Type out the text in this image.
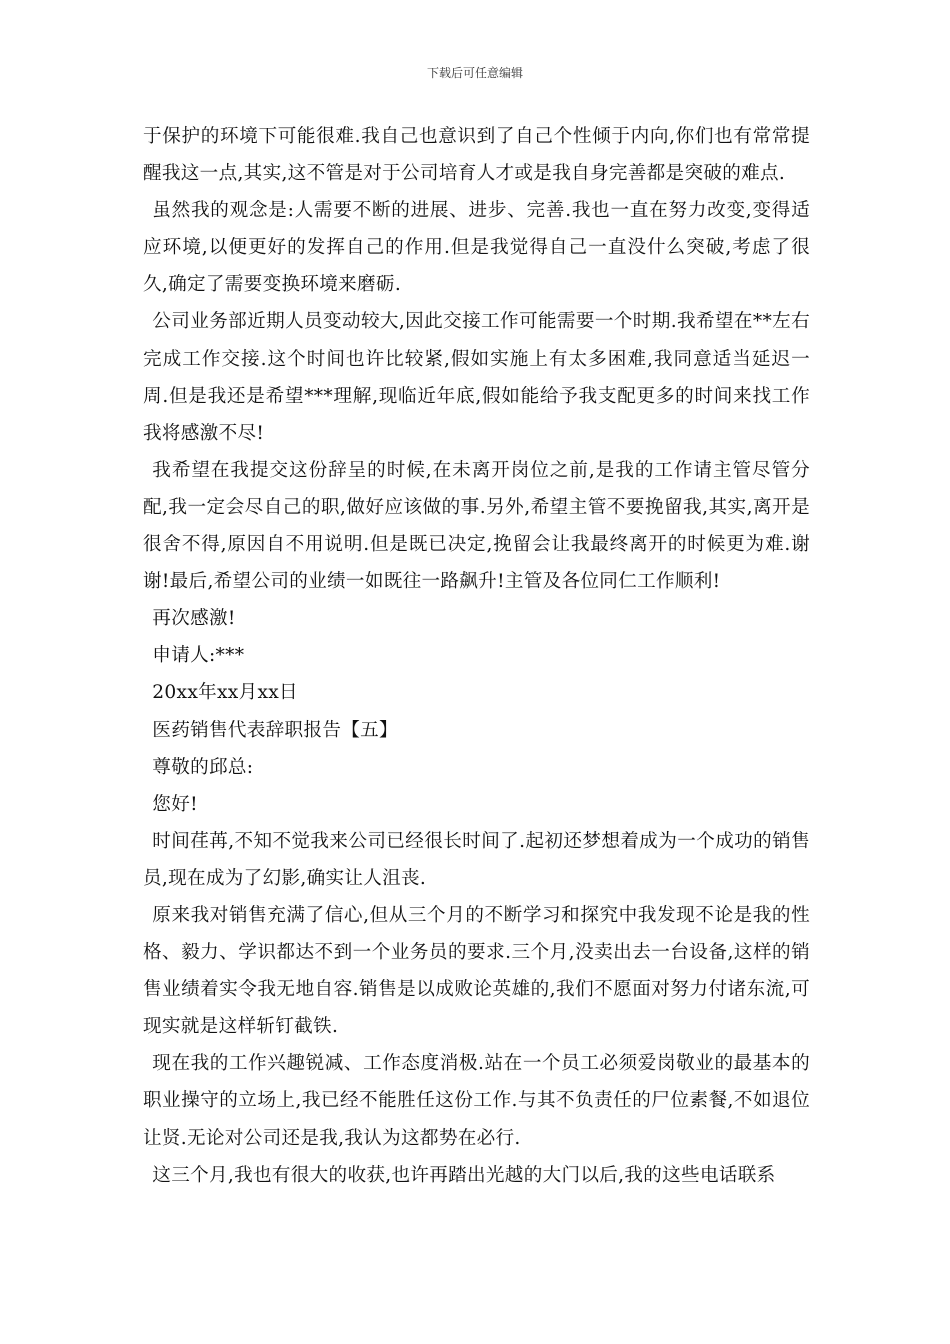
下载后可任意编辑

于保护的环境下可能很难.我自己也意识到了自己个性倾于内向,你们也有常常提醒我这一点,其实,这不管是对于公司培育人才或是我自身完善都是突破的难点.

虽然我的观念是:人需要不断的进展、进步、完善.我也一直在努力改变,变得适应环境,以便更好的发挥自己的作用.但是我觉得自己一直没什么突破,考虑了很久,确定了需要变换环境来磨砺.

公司业务部近期人员变动较大,因此交接工作可能需要一个时期.我希望在**左右完成工作交接.这个时间也许比较紧,假如实施上有太多困难,我同意适当延迟一周.但是我还是希望***理解,现临近年底,假如能给予我支配更多的时间来找工作我将感激不尽!

我希望在我提交这份辞呈的时候,在未离开岗位之前,是我的工作请主管尽管分配,我一定会尽自己的职,做好应该做的事.另外,希望主管不要挽留我,其实,离开是很舍不得,原因自不用说明.但是既已决定,挽留会让我最终离开的时候更为难.谢谢!最后,希望公司的业绩一如既往一路飙升!主管及各位同仁工作顺利!

再次感激!

申请人:***

20xx年xx月xx日

医药销售代表辞职报告【五】

尊敬的邱总:

您好!

时间荏苒,不知不觉我来公司已经很长时间了.起初还梦想着成为一个成功的销售员,现在成为了幻影,确实让人沮丧.

原来我对销售充满了信心,但从三个月的不断学习和探究中我发现不论是我的性格、毅力、学识都达不到一个业务员的要求.三个月,没卖出去一台设备,这样的销售业绩着实令我无地自容.销售是以成败论英雄的,我们不愿面对努力付诸东流,可现实就是这样斩钉截铁.

现在我的工作兴趣锐减、工作态度消极.站在一个员工必须爱岗敬业的最基本的职业操守的立场上,我已经不能胜任这份工作.与其不负责任的尸位素餐,不如退位让贤.无论对公司还是我,我认为这都势在必行.

这三个月,我也有很大的收获,也许再踏出光越的大门以后,我的这些电话联系
